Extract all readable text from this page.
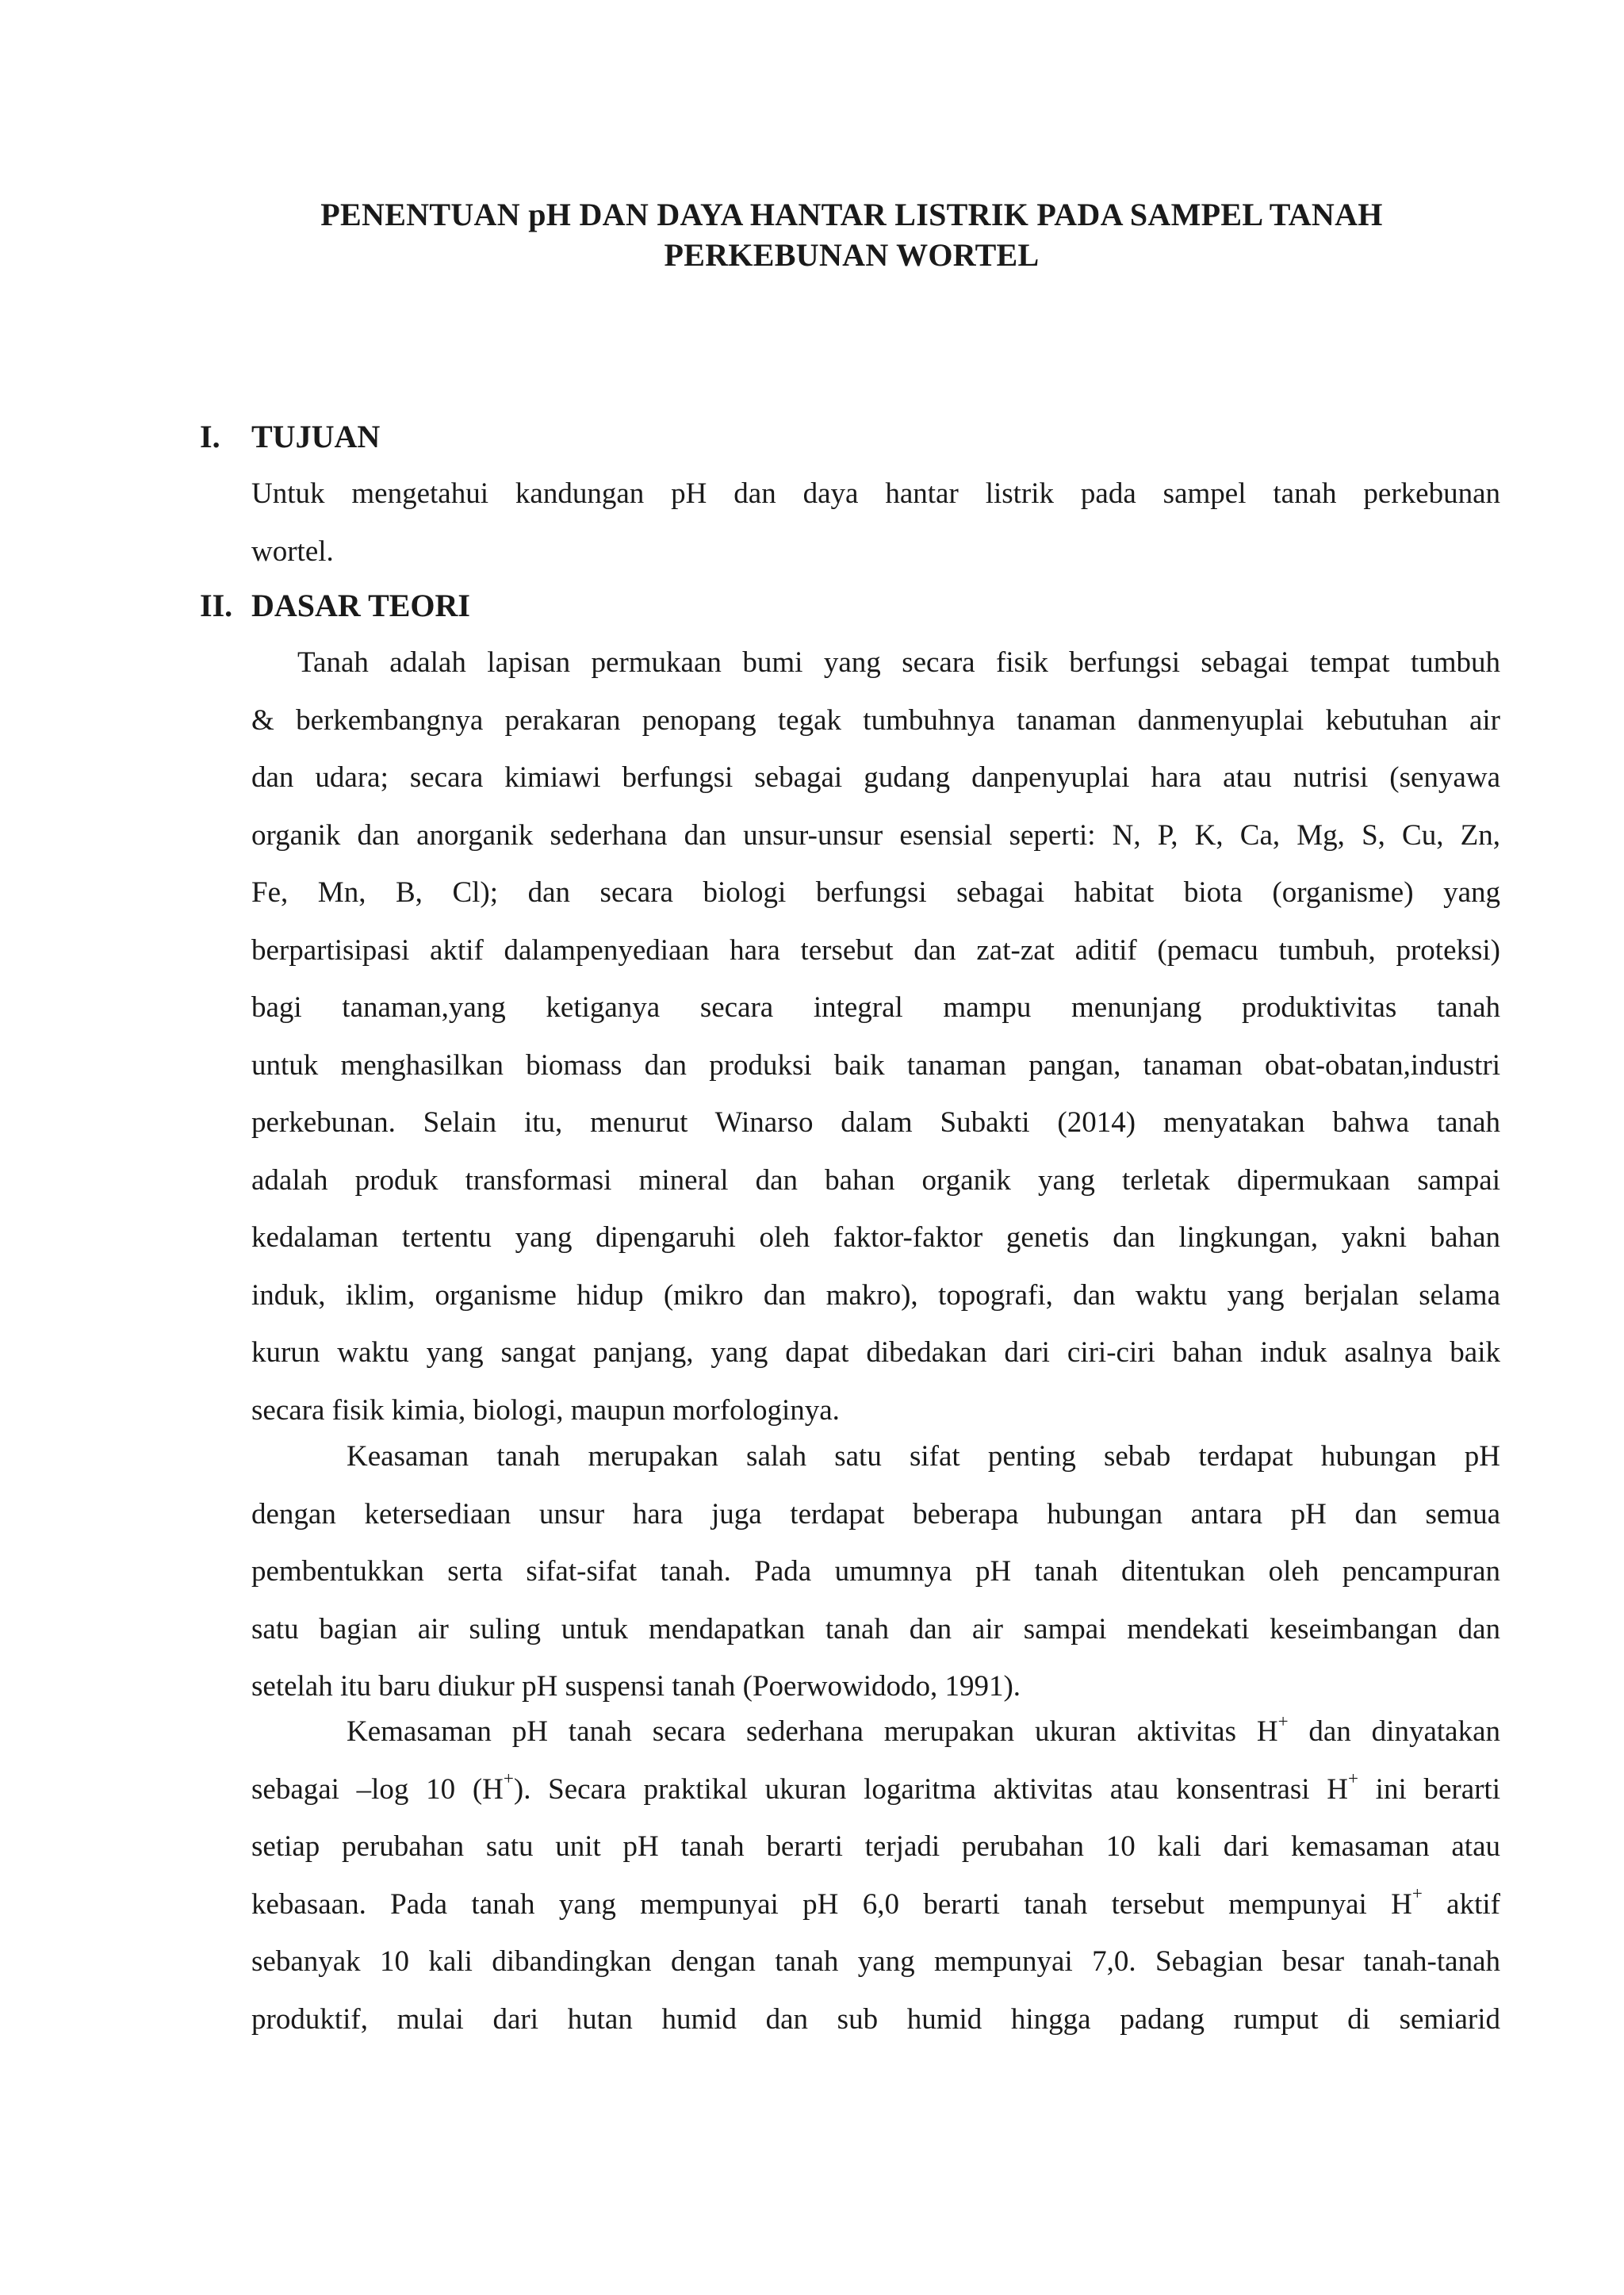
PENENTUAN pH DAN DAYA HANTAR LISTRIK PADA SAMPEL TANAH
PERKEBUNAN WORTEL
I. TUJUAN
Untuk mengetahui kandungan pH dan daya hantar listrik pada sampel tanah perkebunan
wortel.
II. DASAR TEORI
Tanah adalah lapisan permukaan bumi yang secara fisik berfungsi sebagai tempat tumbuh
& berkembangnya perakaran penopang tegak tumbuhnya tanaman danmenyuplai kebutuhan air
dan udara; secara kimiawi berfungsi sebagai gudang danpenyuplai hara atau nutrisi (senyawa
organik dan anorganik sederhana dan unsur-unsur esensial seperti: N, P, K, Ca, Mg, S, Cu, Zn,
Fe, Mn, B, Cl); dan secara biologi berfungsi sebagai habitat biota (organisme) yang
berpartisipasi aktif dalampenyediaan hara tersebut dan zat-zat aditif (pemacu tumbuh, proteksi)
bagi tanaman,yang ketiganya secara integral mampu menunjang produktivitas tanah
untuk menghasilkan biomass dan produksi baik tanaman pangan, tanaman obat-obatan,industri
perkebunan. Selain itu, menurut Winarso dalam Subakti (2014) menyatakan bahwa tanah
adalah produk transformasi mineral dan bahan organik yang terletak dipermukaan sampai
kedalaman tertentu yang dipengaruhi oleh faktor-faktor genetis dan lingkungan, yakni bahan
induk, iklim, organisme hidup (mikro dan makro), topografi, dan waktu yang berjalan selama
kurun waktu yang sangat panjang, yang dapat dibedakan dari ciri-ciri bahan induk asalnya baik
secara fisik kimia, biologi, maupun morfologinya.
Keasaman tanah merupakan salah satu sifat penting sebab terdapat hubungan pH
dengan ketersediaan unsur hara juga terdapat beberapa hubungan antara pH dan semua
pembentukkan serta sifat-sifat tanah. Pada umumnya pH tanah ditentukan oleh pencampuran
satu bagian air suling untuk mendapatkan tanah dan air sampai mendekati keseimbangan dan
setelah itu baru diukur pH suspensi tanah (Poerwowidodo, 1991).
Kemasaman pH tanah secara sederhana merupakan ukuran aktivitas H+ dan dinyatakan
sebagai –log 10 (H+). Secara praktikal ukuran logaritma aktivitas atau konsentrasi H+ ini berarti
setiap perubahan satu unit pH tanah berarti terjadi perubahan 10 kali dari kemasaman atau
kebasaan. Pada tanah yang mempunyai pH 6,0 berarti tanah tersebut mempunyai H+ aktif
sebanyak 10 kali dibandingkan dengan tanah yang mempunyai 7,0. Sebagian besar tanah-tanah
produktif, mulai dari hutan humid dan sub humid hingga padang rumput di semiarid
